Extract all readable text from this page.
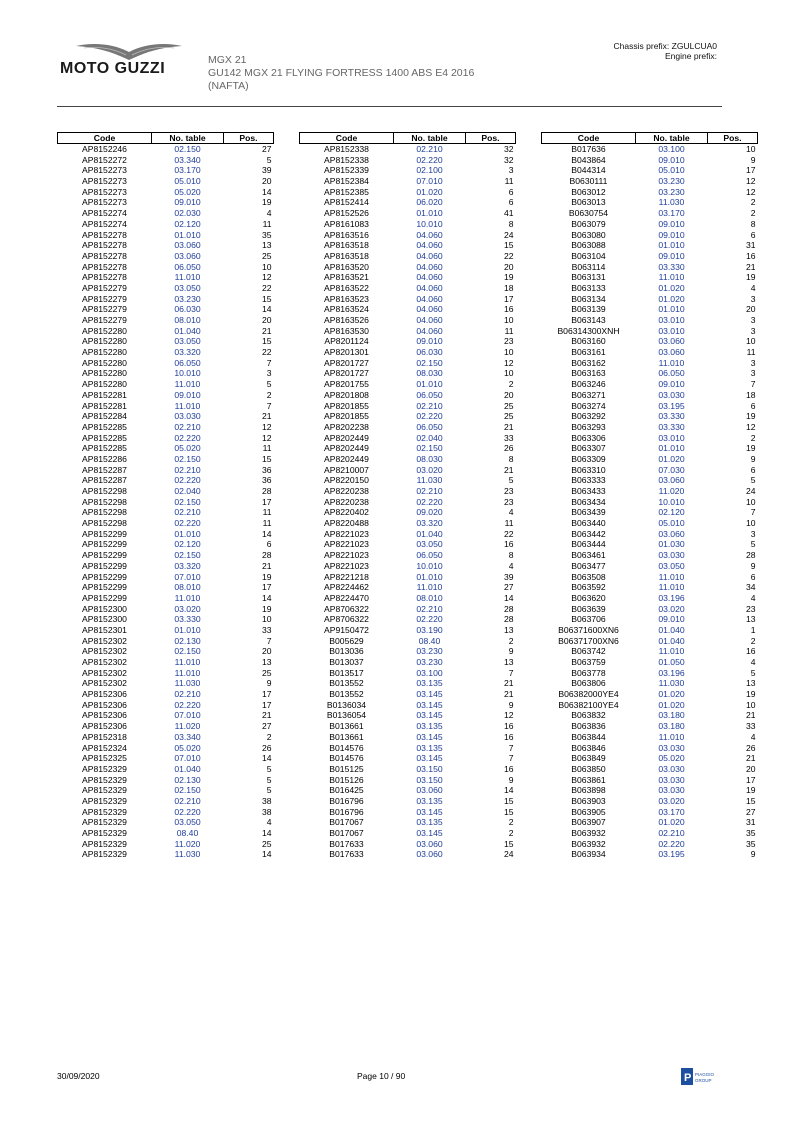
MOTO GUZZI	MGX 21
GU142 MGX 21 FLYING FORTRESS 1400 ABS E4 2016
(NAFTA)
Chassis prefix: ZGULCUA0
Engine prefix:
Code	No. table	Pos.
AP8152246	02.150	27
AP8152272	03.340	5
AP8152273	03.170	39
AP8152273	05.010	20
AP8152273	05.020	14
AP8152273	09.010	19
AP8152274	02.030	4
AP8152274	02.120	11
AP8152278	01.010	35
AP8152278	03.060	13
AP8152278	03.060	25
AP8152278	06.050	10
AP8152278	11.010	12
AP8152279	03.050	22
AP8152279	03.230	15
AP8152279	06.030	14
AP8152279	08.010	20
AP8152280	01.040	21
AP8152280	03.050	15
AP8152280	03.320	22
AP8152280	06.050	7
AP8152280	10.010	3
AP8152280	11.010	5
AP8152281	09.010	2
AP8152281	11.010	7
AP8152284	03.030	21
AP8152285	02.210	12
AP8152285	02.220	12
AP8152285	05.020	11
AP8152286	02.150	15
AP8152287	02.210	36
AP8152287	02.220	36
AP8152298	02.040	28
AP8152298	02.150	17
AP8152298	02.210	11
AP8152298	02.220	11
AP8152299	01.010	14
AP8152299	02.120	6
AP8152299	02.150	28
AP8152299	03.320	21
AP8152299	07.010	19
AP8152299	08.010	17
AP8152299	11.010	14
AP8152300	03.020	19
AP8152300	03.330	10
AP8152301	01.010	33
AP8152302	02.130	7
AP8152302	02.150	20
AP8152302	11.010	13
AP8152302	11.010	25
AP8152302	11.030	9
AP8152306	02.210	17
AP8152306	02.220	17
AP8152306	07.010	21
AP8152306	11.020	27
AP8152318	03.340	2
AP8152324	05.020	26
AP8152325	07.010	14
AP8152329	01.040	5
AP8152329	02.130	5
AP8152329	02.150	5
AP8152329	02.210	38
AP8152329	02.220	38
AP8152329	03.050	4
AP8152329	08.40	14
AP8152329	11.020	25
AP8152329	11.030	14
Code	No. table	Pos.
AP8152338	02.210	32
AP8152338	02.220	32
AP8152339	02.100	3
AP8152384	07.010	11
AP8152385	01.020	6
AP8152414	06.020	6
AP8152526	01.010	41
AP8161083	10.010	8
AP8163516	04.060	24
AP8163518	04.060	15
AP8163518	04.060	22
AP8163520	04.060	20
AP8163521	04.060	19
AP8163522	04.060	18
AP8163523	04.060	17
AP8163524	04.060	16
AP8163526	04.060	10
AP8163530	04.060	11
AP8201124	09.010	23
AP8201301	06.030	10
AP8201727	02.150	12
AP8201727	08.030	10
AP8201755	01.010	2
AP8201808	06.050	20
AP8201855	02.210	25
AP8201855	02.220	25
AP8202238	06.050	21
AP8202449	02.040	33
AP8202449	02.150	26
AP8202449	08.030	8
AP8210007	03.020	21
AP8220150	11.030	5
AP8220238	02.210	23
AP8220238	02.220	23
AP8220402	09.020	4
AP8220488	03.320	11
AP8221023	01.040	22
AP8221023	03.050	16
AP8221023	06.050	8
AP8221023	10.010	4
AP8221218	01.010	39
AP8224462	11.010	27
AP8224470	08.010	14
AP8706322	02.210	28
AP8706322	02.220	28
AP9150472	03.190	13
B005629	08.40	2
B013036	03.230	9
B013037	03.230	13
B013517	03.100	7
B013552	03.135	21
B013552	03.145	21
B0136034	03.145	9
B0136054	03.145	12
B013661	03.135	16
B013661	03.145	16
B014576	03.135	7
B014576	03.145	7
B015125	03.150	16
B015126	03.150	9
B016425	03.060	14
B016796	03.135	15
B016796	03.145	15
B017067	03.135	2
B017067	03.145	2
B017633	03.060	15
B017633	03.060	24
Code	No. table	Pos.
B017636	03.100	10
B043864	09.010	9
B044314	05.010	17
B0630111	03.230	12
B063012	03.230	12
B063013	11.030	2
B0630754	03.170	2
B063079	09.010	8
B063080	09.010	6
B063088	01.010	31
B063104	09.010	16
B063114	03.330	21
B063131	11.010	19
B063133	01.020	4
B063134	01.020	3
B063139	01.010	20
B063143	03.010	3
B06314300XNH	03.010	3
B063160	03.060	10
B063161	03.060	11
B063162	11.010	3
B063163	06.050	3
B063246	09.010	7
B063271	03.030	18
B063274	03.195	6
B063292	03.330	19
B063293	03.330	12
B063306	03.010	2
B063307	01.010	19
B063309	01.020	9
B063310	07.030	6
B063333	03.060	5
B063433	11.020	24
B063434	10.010	10
B063439	02.120	7
B063440	05.010	10
B063442	03.060	3
B063444	01.030	5
B063461	03.030	28
B063477	03.050	9
B063508	11.010	6
B063592	11.010	34
B063620	03.196	4
B063639	03.020	23
B063706	09.010	13
B06371600XN6	01.040	1
B06371700XN6	01.040	2
B063742	11.010	16
B063759	01.050	4
B063778	03.196	5
B063806	11.030	13
B06382000YE4	01.020	19
B06382100YE4	01.020	10
B063832	03.180	21
B063836	03.180	33
B063844	11.010	4
B063846	03.030	26
B063849	05.020	21
B063850	03.030	20
B063861	03.030	17
B063898	03.030	19
B063903	03.020	15
B063905	03.170	27
B063907	01.020	31
B063932	02.210	35
B063932	02.220	35
B063934	03.195	9
30/09/2020	Page 10 / 90	P PIAGGIO
GROUP
